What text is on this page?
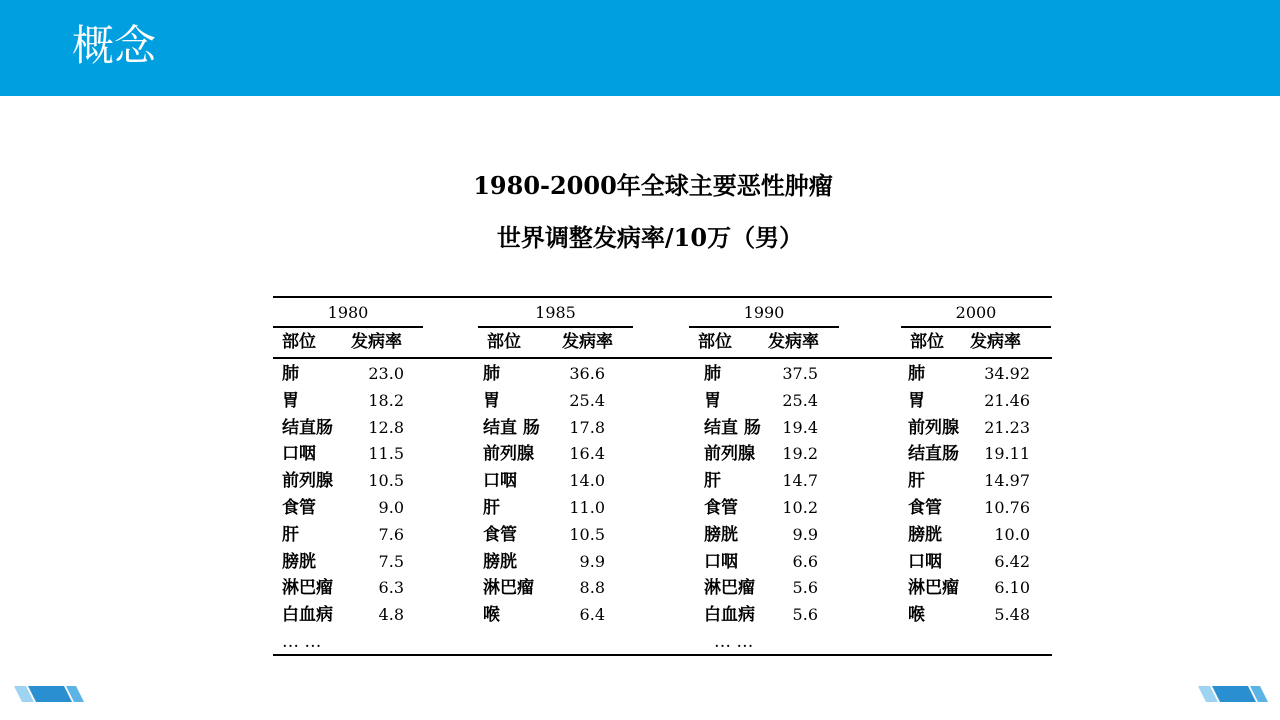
概念
1980-2000年全球主要恶性肿瘤
世界调整发病率/10万（男）
1980	1985	1990	2000
部位 发病率	部位 发病率	部位 发病率	部位 发病率
肺	23.0
胃	18.2
结直肠 12.8
口咽	11.5
前列腺 10.5
食管	9.0
肝	7.6
膀胱	7.5
淋巴瘤	6.3
白血病	4.8
… …
肺	36.6
胃	25.4
结直 肠 17.8
前列腺 16.4
口咽	14.0
肝	11.0
食管	10.5
膀胱	9.9
淋巴瘤	8.8
喉	6.4
肺	37.5
胃	25.4
结直 肠 19.4
前列腺 19.2
肝	14.7
食管	10.2
膀胱	9.9
口咽	6.6
淋巴瘤 5.6
白血病 5.6
… …
肺	34.92
胃	21.46
前列腺 21.23
结直肠 19.11
肝	14.97
食管	10.76
膀胱	10.0
口咽	6.42
淋巴瘤 6.10
喉	5.48
